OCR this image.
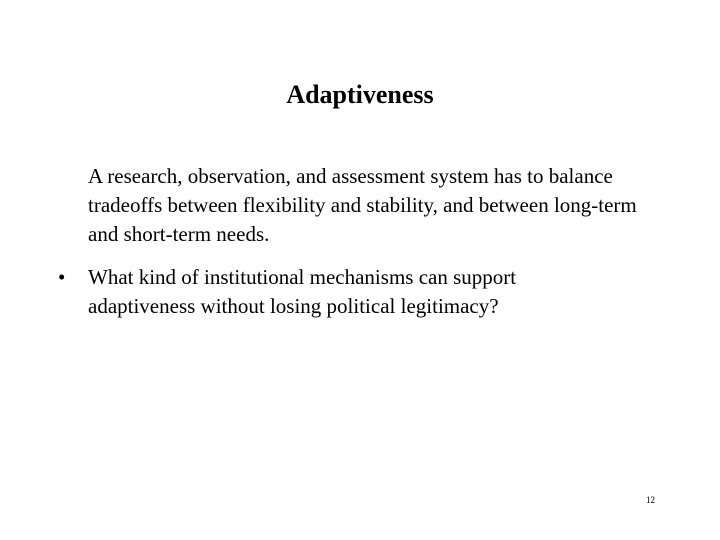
Adaptiveness

A research, observation, and assessment system has to balance tradeoffs between flexibility and stability, and between long-term and short-term needs.

•	What kind of institutional mechanisms can support adaptiveness without losing political legitimacy?

12
